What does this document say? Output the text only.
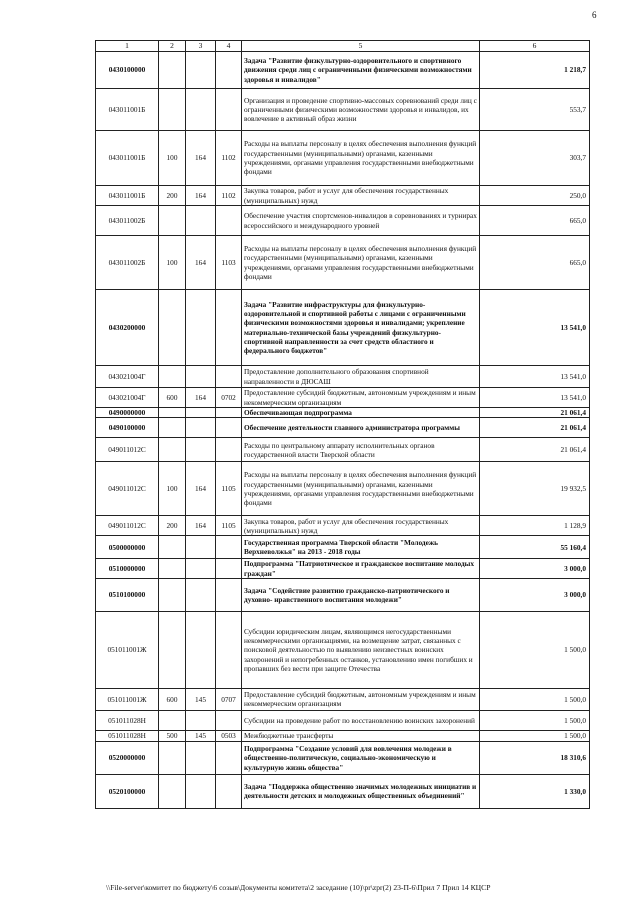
6
1	2	3	4	5	6
0430100000				Задача "Развитие физкультурно-оздоровительного и спортивного движения среди лиц с ограниченными физическими возможностями здоровья и инвалидов"	1 218,7
043011001Б				Организация и проведение спортивно-массовых соревнований среди лиц с ограниченными физическими возможностями здоровья и инвалидов, их вовлечение в активный образ жизни	553,7
043011001Б	100	164	1102	Расходы на выплаты персоналу в целях обеспечения выполнения функций государственными (муниципальными) органами, казенными учреждениями, органами управления государственными внебюджетными фондами	303,7
043011001Б	200	164	1102	Закупка товаров, работ и услуг для обеспечения государственных (муниципальных) нужд	250,0
043011002Б				Обеспечение участия спортсменов-инвалидов в соревнованиях и турнирах всероссийского и международного уровней	665,0
043011002Б	100	164	1103	Расходы на выплаты персоналу в целях обеспечения выполнения функций государственными (муниципальными) органами, казенными учреждениями, органами управления государственными внебюджетными фондами	665,0
0430200000				Задача "Развитие инфраструктуры для физкультурно-оздоровительной и спортивной работы с лицами с ограниченными физическими возможностями здоровья и инвалидами; укрепление материально-технической базы учреждений физкультурно-спортивной направленности за счет средств областного и федерального бюджетов"	13 541,0
043021004Г				Предоставление дополнительного образования спортивной направленности в ДЮСАШ	13 541,0
043021004Г	600	164	0702	Предоставление субсидий бюджетным, автономным учреждениям и иным некоммерческим организациям	13 541,0
0490000000				Обеспечивающая подпрограмма	21 061,4
0490100000				Обеспечение деятельности главного администратора программы	21 061,4
049011012С				Расходы по центральному аппарату исполнительных органов государственной власти Тверской области	21 061,4
049011012С	100	164	1105	Расходы на выплаты персоналу в целях обеспечения выполнения функций государственными (муниципальными) органами, казенными учреждениями, органами управления государственными внебюджетными фондами	19 932,5
049011012С	200	164	1105	Закупка товаров, работ и услуг для обеспечения государственных (муниципальных) нужд	1 128,9
0500000000				Государственная программа Тверской области "Молодежь Верхневолжья" на 2013 - 2018 годы	55 160,4
0510000000				Подпрограмма "Патриотическое и гражданское воспитание молодых граждан"	3 000,0
0510100000				Задача "Содействие развитию гражданско-патриотического и духовно- нравственного воспитания молодежи"	3 000,0
051011001Ж				Субсидии юридическим лицам, являющимся негосударственными некоммерческими организациями, на возмещение затрат, связанных с поисковой деятельностью по выявлению неизвестных воинских захоронений и непогребенных останков, установлению имен погибших и пропавших без вести при защите Отечества	1 500,0
051011001Ж	600	145	0707	Предоставление субсидий бюджетным, автономным учреждениям и иным некоммерческим организациям	1 500,0
051011028Н				Субсидии на проведение работ по восстановлению воинских захоронений	1 500,0
051011028Н	500	145	0503	Межбюджетные трансферты	1 500,0
0520000000				Подпрограмма "Создание условий для вовлечения молодежи в общественно-политическую, социально-экономическую и культурную жизнь общества"	18 310,6
0520100000				Задача "Поддержка общественно значимых молодежных инициатив и деятельности детских и молодежных общественных объединений"	1 330,0
\\File-server\комитет по бюджету\6 созыв\Документы комитета\2 заседание (10)\pr\zpr(2) 23-П-6\Прил 7 Прил 14 КЦСР
